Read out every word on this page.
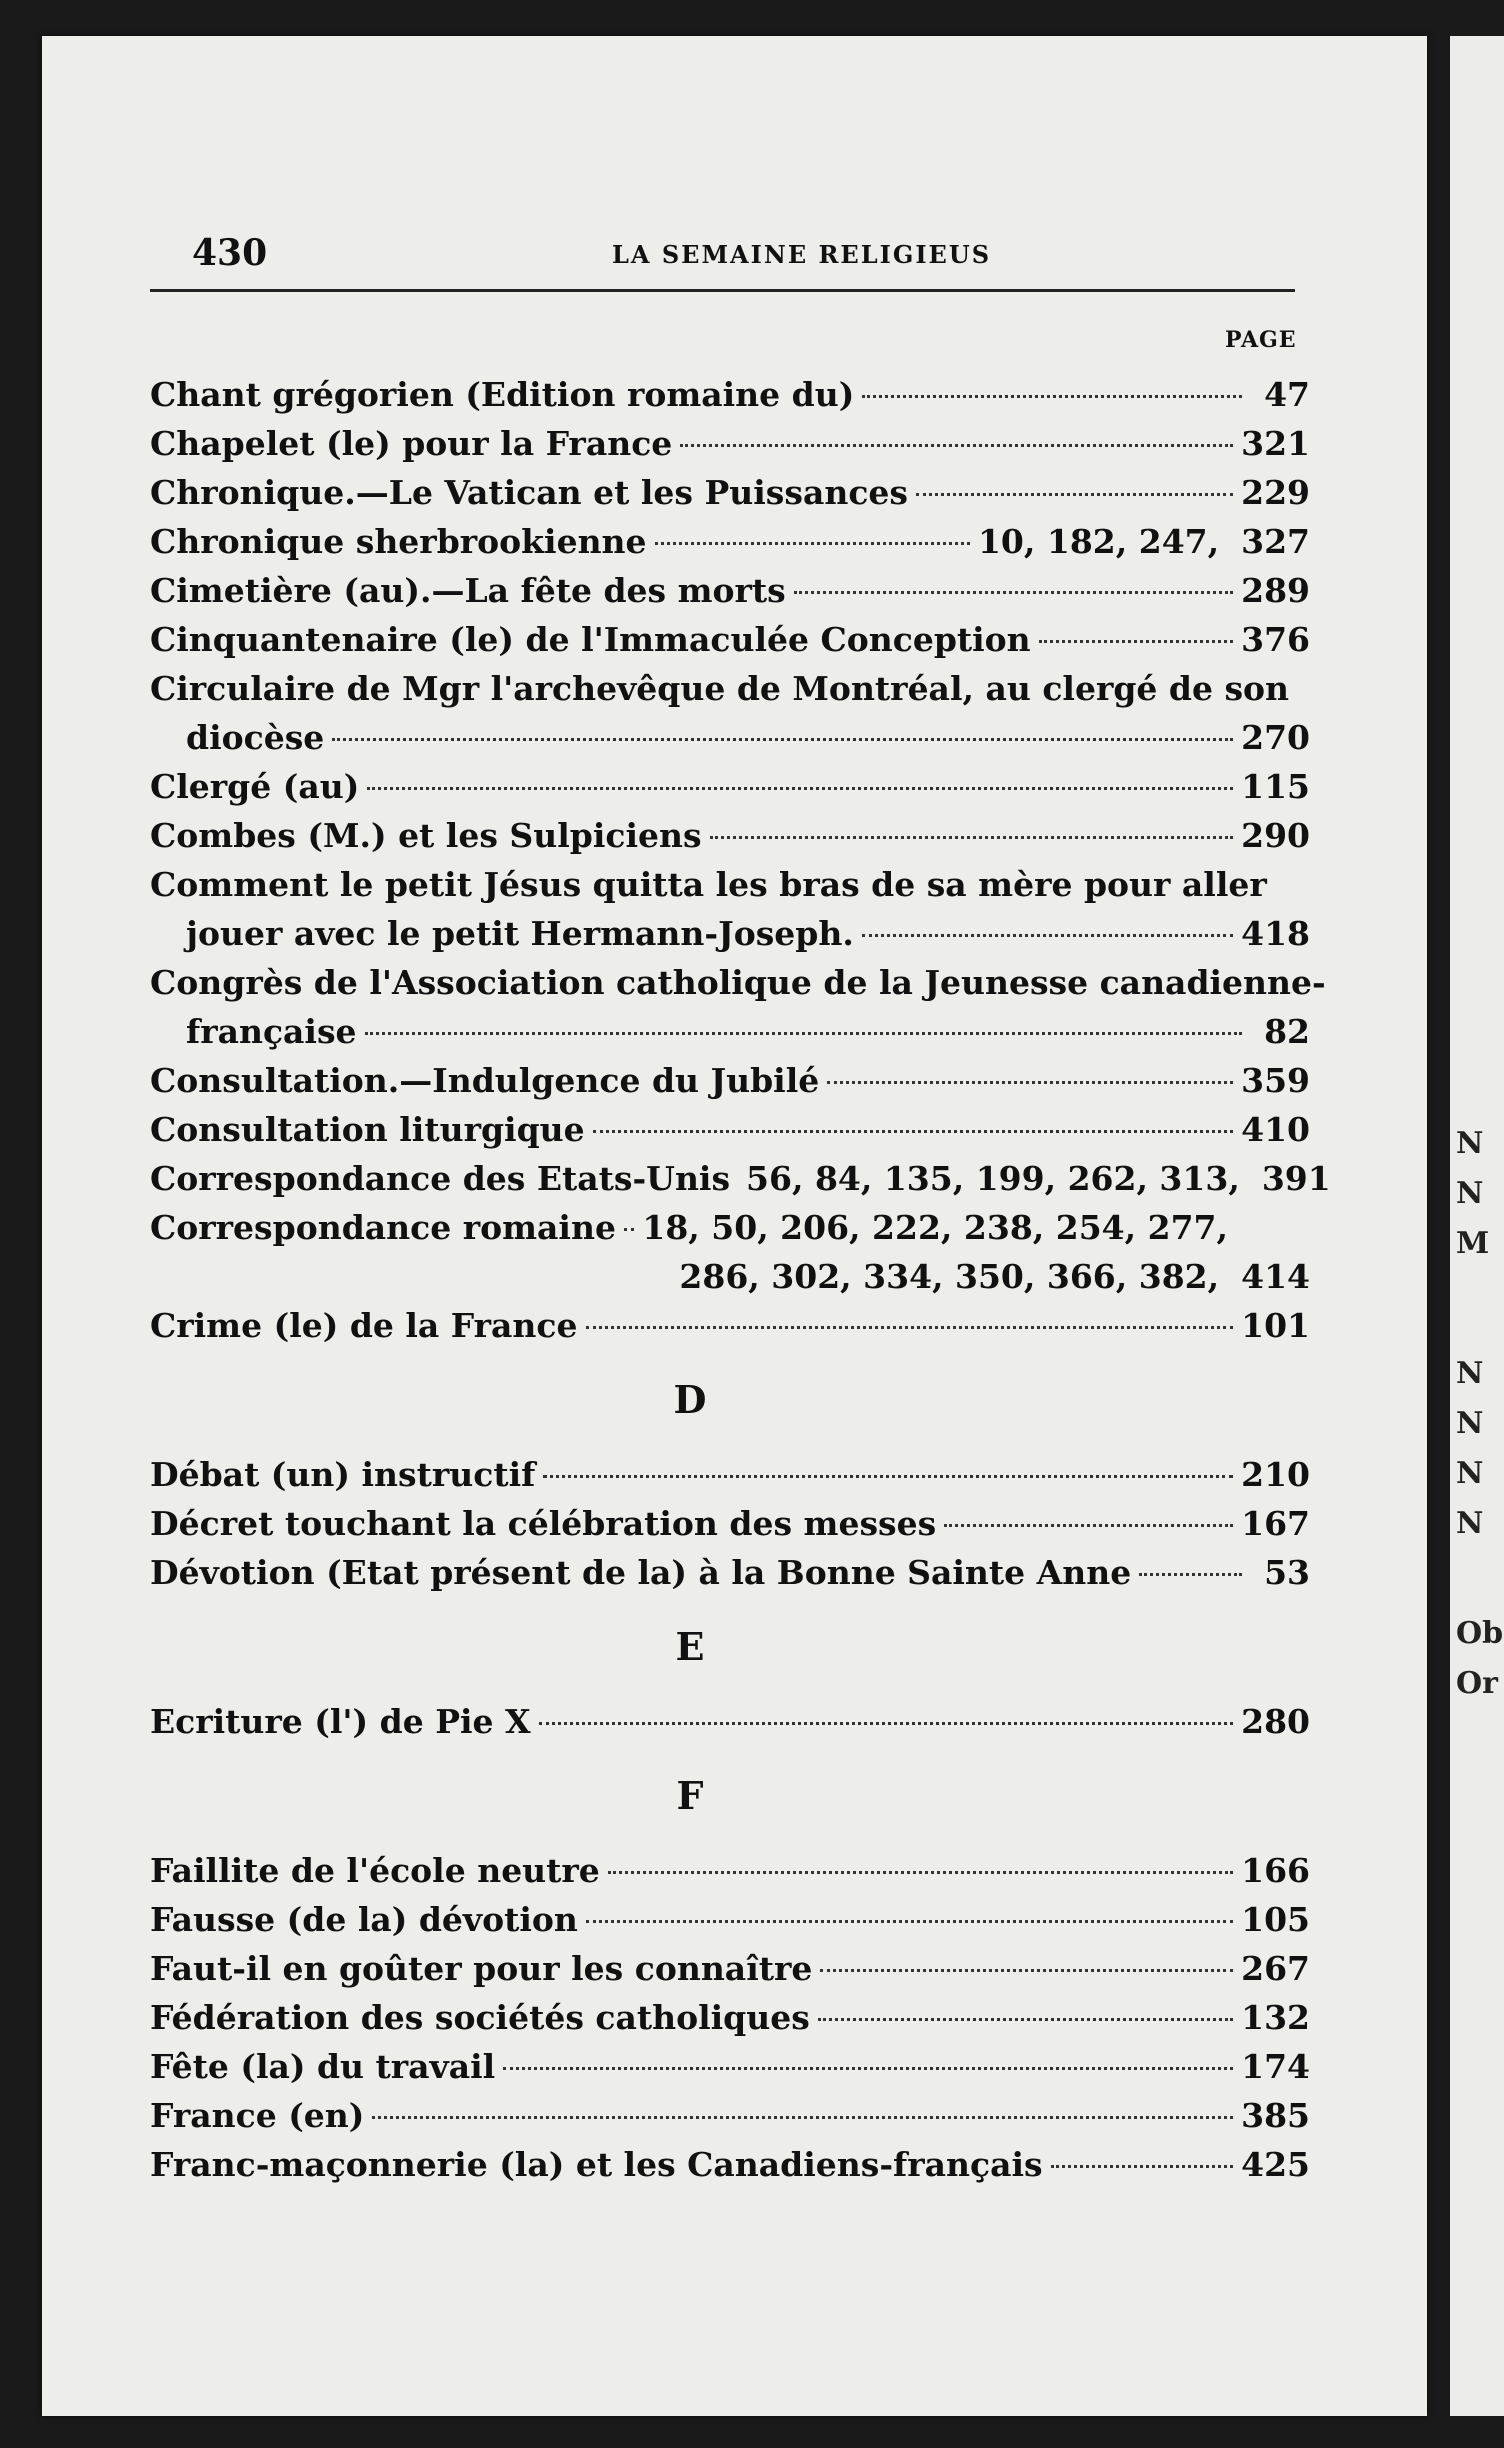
430	LA SEMAINE RELIGIEUS
PAGE
Chant grégorien (Edition romaine du)	47
Chapelet (le) pour la France	321
Chronique.—Le Vatican et les Puissances	229
Chronique sherbrookienne	10, 182, 247, 327
Cimetière (au).—La fête des morts	289
Cinquantenaire (le) de l'Immaculée Conception	376
Circulaire de Mgr l'archevêque de Montréal, au clergé de son
diocèse	270
Clergé (au)	115
Combes (M.) et les Sulpiciens	290
Comment le petit Jésus quitta les bras de sa mère pour aller
jouer avec le petit Hermann-Joseph.	418
Congrès de l'Association catholique de la Jeunesse canadienne-
française	82
Consultation.—Indulgence du Jubilé	359
Consultation liturgique	410
Correspondance des Etats-Unis 56, 84, 135, 199, 262, 313, 391
Correspondance romaine 18, 50, 206, 222, 238, 254, 277,
286, 302, 334, 350, 366, 382, 414
Crime (le) de la France	101
D
Débat (un) instructif	210
Décret touchant la célébration des messes	167
Dévotion (Etat présent de la) à la Bonne Sainte Anne	53
E
Ecriture (l') de Pie X	280
F
Faillite de l'école neutre	166
Fausse (de la) dévotion	105
Faut-il en goûter pour les connaître	267
Fédération des sociétés catholiques	132
Fête (la) du travail	174
France (en)	385
Franc-maçonnerie (la) et les Canadiens-français	425
N
N
M
N
N
N
N
Ob
Or
